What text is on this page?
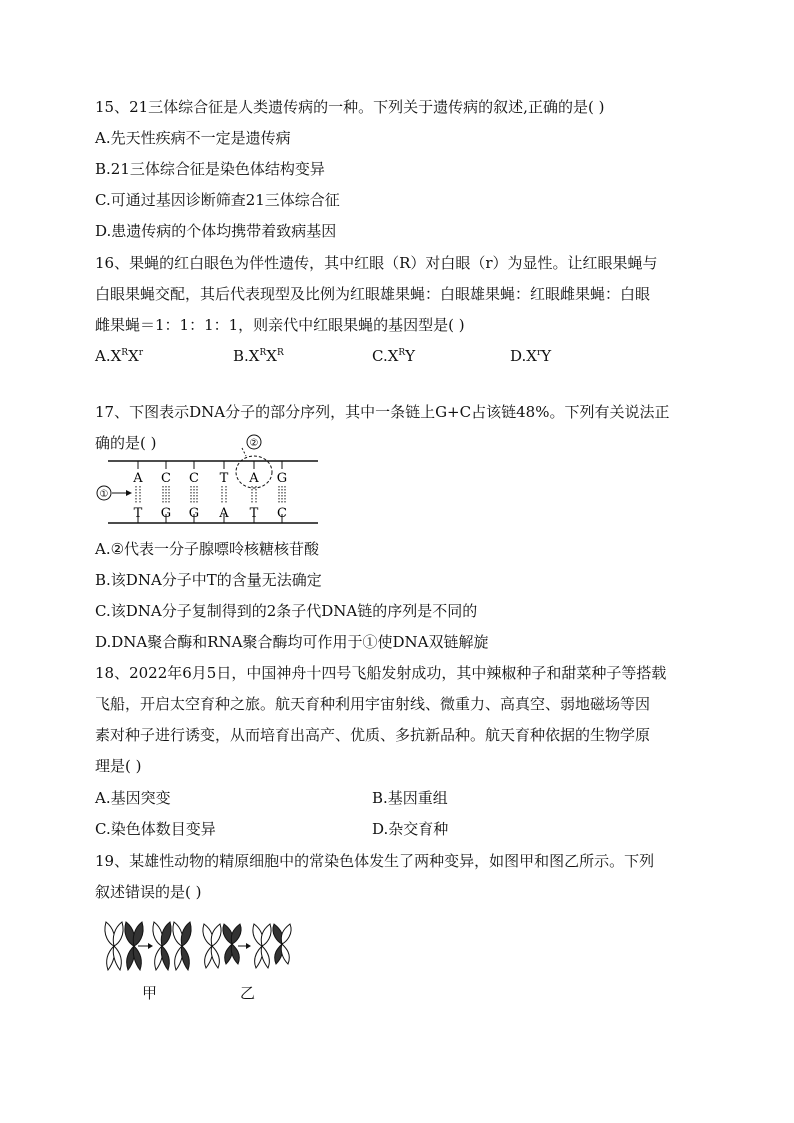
15、21三体综合征是人类遗传病的一种。下列关于遗传病的叙述,正确的是( )
A.先天性疾病不一定是遗传病
B.21三体综合征是染色体结构变异
C.可通过基因诊断筛查21三体综合征
D.患遗传病的个体均携带着致病基因
16、果蝇的红白眼色为伴性遗传，其中红眼（R）对白眼（r）为显性。让红眼果蝇与
白眼果蝇交配，其后代表现型及比例为红眼雄果蝇：白眼雄果蝇：红眼雌果蝇：白眼
雌果蝇＝1：1：1：1，则亲代中红眼果蝇的基因型是( )
$A.X^RX^r$	$B.X^RX^R$	$C.X^RY$	$D.X^rY$
17、下图表示DNA分子的部分序列，其中一条链上G+C占该链48%。下列有关说法正
确的是( )
A C C T A G
T G G A T C
②
①
A.②代表一分子腺嘌呤核糖核苷酸
B.该DNA分子中T的含量无法确定
C.该DNA分子复制得到的2条子代DNA链的序列是不同的
D.DNA聚合酶和RNA聚合酶均可作用于①使DNA双链解旋
18、2022年6月5日，中国神舟十四号飞船发射成功，其中辣椒种子和甜菜种子等搭载
飞船，开启太空育种之旅。航天育种利用宇宙射线、微重力、高真空、弱地磁场等因
素对种子进行诱变，从而培育出高产、优质、多抗新品种。航天育种依据的生物学原
理是( )
A.基因突变	B.基因重组
C.染色体数目变异	D.杂交育种
19、某雄性动物的精原细胞中的常染色体发生了两种变异，如图甲和图乙所示。下列
叙述错误的是( )
甲	乙
